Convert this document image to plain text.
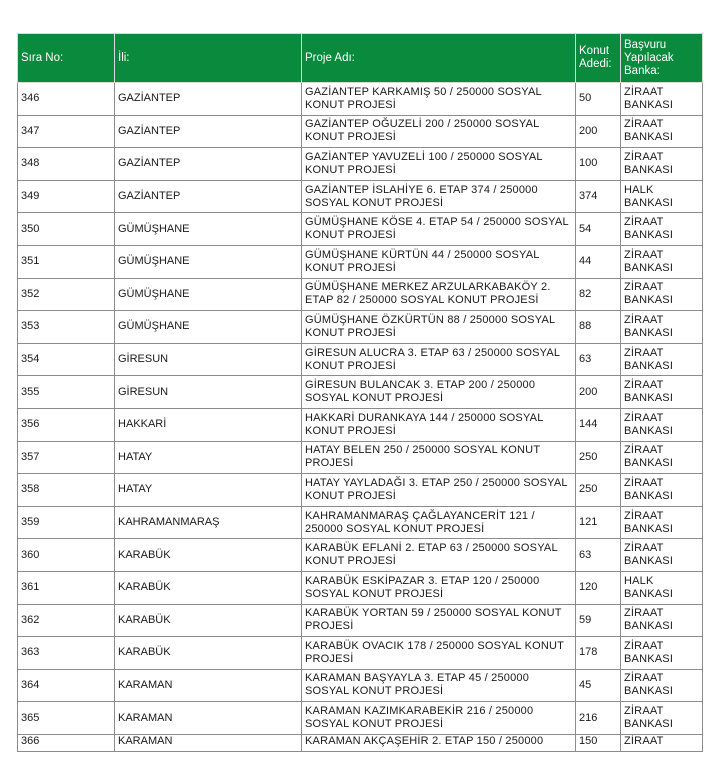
Sıra No:	İli:	Proje Adı:	Konut Adedi:	Başvuru Yapılacak Banka:
346	GAZİANTEP	GAZİANTEP KARKAMIŞ 50 / 250000 SOSYAL KONUT PROJESİ	50	ZİRAAT BANKASI
347	GAZİANTEP	GAZİANTEP OĞUZELİ 200 / 250000 SOSYAL KONUT PROJESİ	200	ZİRAAT BANKASI
348	GAZİANTEP	GAZİANTEP YAVUZELİ 100 / 250000 SOSYAL KONUT PROJESİ	100	ZİRAAT BANKASI
349	GAZİANTEP	GAZİANTEP İSLAHİYE 6. ETAP 374 / 250000 SOSYAL KONUT PROJESİ	374	HALK BANKASI
350	GÜMÜŞHANE	GÜMÜŞHANE KÖSE 4. ETAP 54 / 250000 SOSYAL KONUT PROJESİ	54	ZİRAAT BANKASI
351	GÜMÜŞHANE	GÜMÜŞHANE KÜRTÜN 44 / 250000 SOSYAL KONUT PROJESİ	44	ZİRAAT BANKASI
352	GÜMÜŞHANE	GÜMÜŞHANE MERKEZ ARZULARKABAKÖY 2. ETAP 82 / 250000 SOSYAL KONUT PROJESİ	82	ZİRAAT BANKASI
353	GÜMÜŞHANE	GÜMÜŞHANE ÖZKÜRTÜN 88 / 250000 SOSYAL KONUT PROJESİ	88	ZİRAAT BANKASI
354	GİRESUN	GİRESUN ALUCRA 3. ETAP 63 / 250000 SOSYAL KONUT PROJESİ	63	ZİRAAT BANKASI
355	GİRESUN	GİRESUN BULANCAK 3. ETAP 200 / 250000 SOSYAL KONUT PROJESİ	200	ZİRAAT BANKASI
356	HAKKARİ	HAKKARİ DURANKAYA 144 / 250000 SOSYAL KONUT PROJESİ	144	ZİRAAT BANKASI
357	HATAY	HATAY BELEN 250 / 250000 SOSYAL KONUT PROJESİ	250	ZİRAAT BANKASI
358	HATAY	HATAY YAYLADAĞI 3. ETAP 250 / 250000 SOSYAL KONUT PROJESİ	250	ZİRAAT BANKASI
359	KAHRAMANMARAŞ	KAHRAMANMARAŞ ÇAĞLAYANCERİT 121 / 250000 SOSYAL KONUT PROJESİ	121	ZİRAAT BANKASI
360	KARABÜK	KARABÜK EFLANİ 2. ETAP 63 / 250000 SOSYAL KONUT PROJESİ	63	ZİRAAT BANKASI
361	KARABÜK	KARABÜK ESKİPAZAR 3. ETAP 120 / 250000 SOSYAL KONUT PROJESİ	120	HALK BANKASI
362	KARABÜK	KARABÜK YORTAN 59 / 250000 SOSYAL KONUT PROJESİ	59	ZİRAAT BANKASI
363	KARABÜK	KARABÜK OVACIK 178 / 250000 SOSYAL KONUT PROJESİ	178	ZİRAAT BANKASI
364	KARAMAN	KARAMAN BAŞYAYLA 3. ETAP 45 / 250000 SOSYAL KONUT PROJESİ	45	ZİRAAT BANKASI
365	KARAMAN	KARAMAN KAZIMKARABEKİR 216 / 250000 SOSYAL KONUT PROJESİ	216	ZİRAAT BANKASI
366	KARAMAN	KARAMAN AKÇAŞEHİR 2. ETAP 150 / 250000	150	ZİRAAT
